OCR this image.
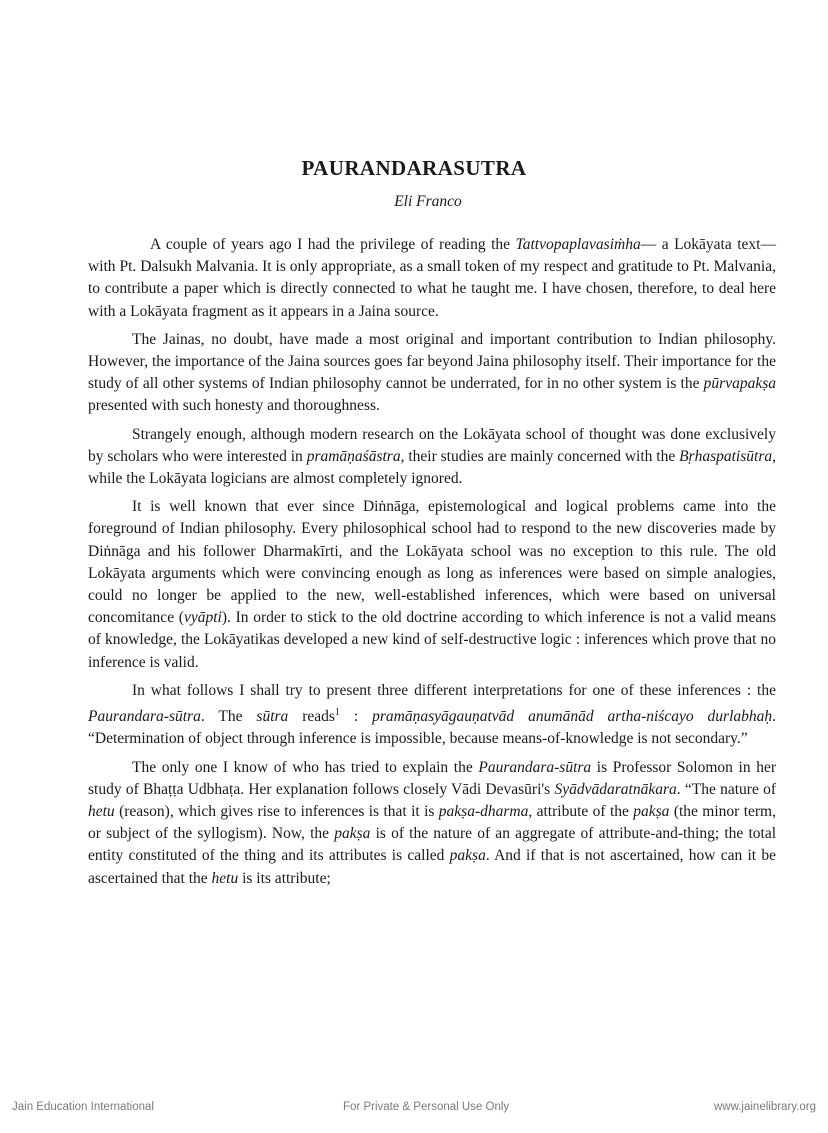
PAURANDARASUTRA

Eli Franco

A couple of years ago I had the privilege of reading the Tattvopaplavasiṁha— a Lokāyata text—with Pt. Dalsukh Malvania. It is only appropriate, as a small token of my respect and gratitude to Pt. Malvania, to contribute a paper which is directly connected to what he taught me. I have chosen, therefore, to deal here with a Lokāyata fragment as it appears in a Jaina source.

The Jainas, no doubt, have made a most original and important contribution to Indian philosophy. However, the importance of the Jaina sources goes far beyond Jaina philosophy itself. Their importance for the study of all other systems of Indian philosophy cannot be underrated, for in no other system is the pūrvapakṣa presented with such honesty and thoroughness.

Strangely enough, although modern research on the Lokāyata school of thought was done exclusively by scholars who were interested in pramāṇaśāstra, their studies are mainly concerned with the Bṛhaspatisūtra, while the Lokāyata logicians are almost completely ignored.

It is well known that ever since Diṅnāga, epistemological and logical problems came into the foreground of Indian philosophy. Every philosophical school had to respond to the new discoveries made by Diṅnāga and his follower Dharmakīrti, and the Lokāyata school was no exception to this rule. The old Lokāyata arguments which were convincing enough as long as inferences were based on simple analogies, could no longer be applied to the new, well-established inferences, which were based on universal concomitance (vyāpti). In order to stick to the old doctrine according to which inference is not a valid means of knowledge, the Lokāyatikas developed a new kind of self-destructive logic : inferences which prove that no inference is valid.

In what follows I shall try to present three different interpretations for one of these inferences : the Paurandara-sūtra. The sūtra reads$^1$ : pramāṇasyāgauṇatvād anumānād artha-niścayo durlabhaḥ. “Determination of object through inference is impossible, because means-of-knowledge is not secondary.”

The only one I know of who has tried to explain the Paurandara-sūtra is Professor Solomon in her study of Bhaṭṭa Udbhaṭa. Her explanation follows closely Vādi Devasūri's Syādvādaratnākara. “The nature of hetu (reason), which gives rise to inferences is that it is pakṣa-dharma, attribute of the pakṣa (the minor term, or subject of the syllogism). Now, the pakṣa is of the nature of an aggregate of attribute-and-thing; the total entity constituted of the thing and its attributes is called pakṣa. And if that is not ascertained, how can it be ascertained that the hetu is its attribute;

Jain Education International	For Private & Personal Use Only	www.jainelibrary.org
